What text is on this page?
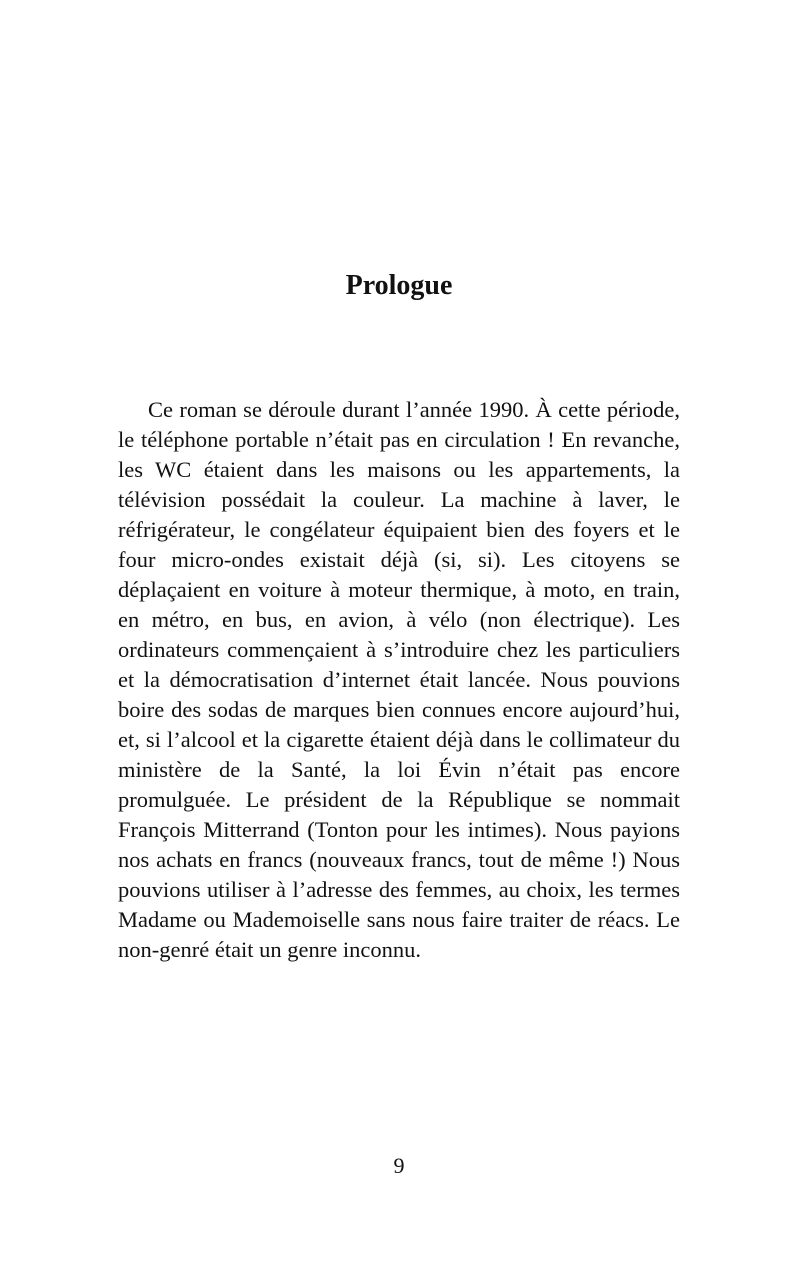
Prologue

Ce roman se déroule durant l’année 1990. À cette période, le téléphone portable n’était pas en circulation ! En revanche, les WC étaient dans les maisons ou les appartements, la télévision possédait la couleur. La machine à laver, le réfrigérateur, le congélateur équipaient bien des foyers et le four micro-ondes existait déjà (si, si). Les citoyens se déplaçaient en voiture à moteur thermique, à moto, en train, en métro, en bus, en avion, à vélo (non électrique). Les ordinateurs commençaient à s’introduire chez les particuliers et la démocratisation d’internet était lancée. Nous pouvions boire des sodas de marques bien connues encore aujourd’hui, et, si l’alcool et la cigarette étaient déjà dans le collimateur du ministère de la Santé, la loi Évin n’était pas encore promulguée. Le président de la République se nommait François Mitterrand (Tonton pour les intimes). Nous payions nos achats en francs (nouveaux francs, tout de même !) Nous pouvions utiliser à l’adresse des femmes, au choix, les termes Madame ou Mademoiselle sans nous faire traiter de réacs. Le non-genré était un genre inconnu.

9
